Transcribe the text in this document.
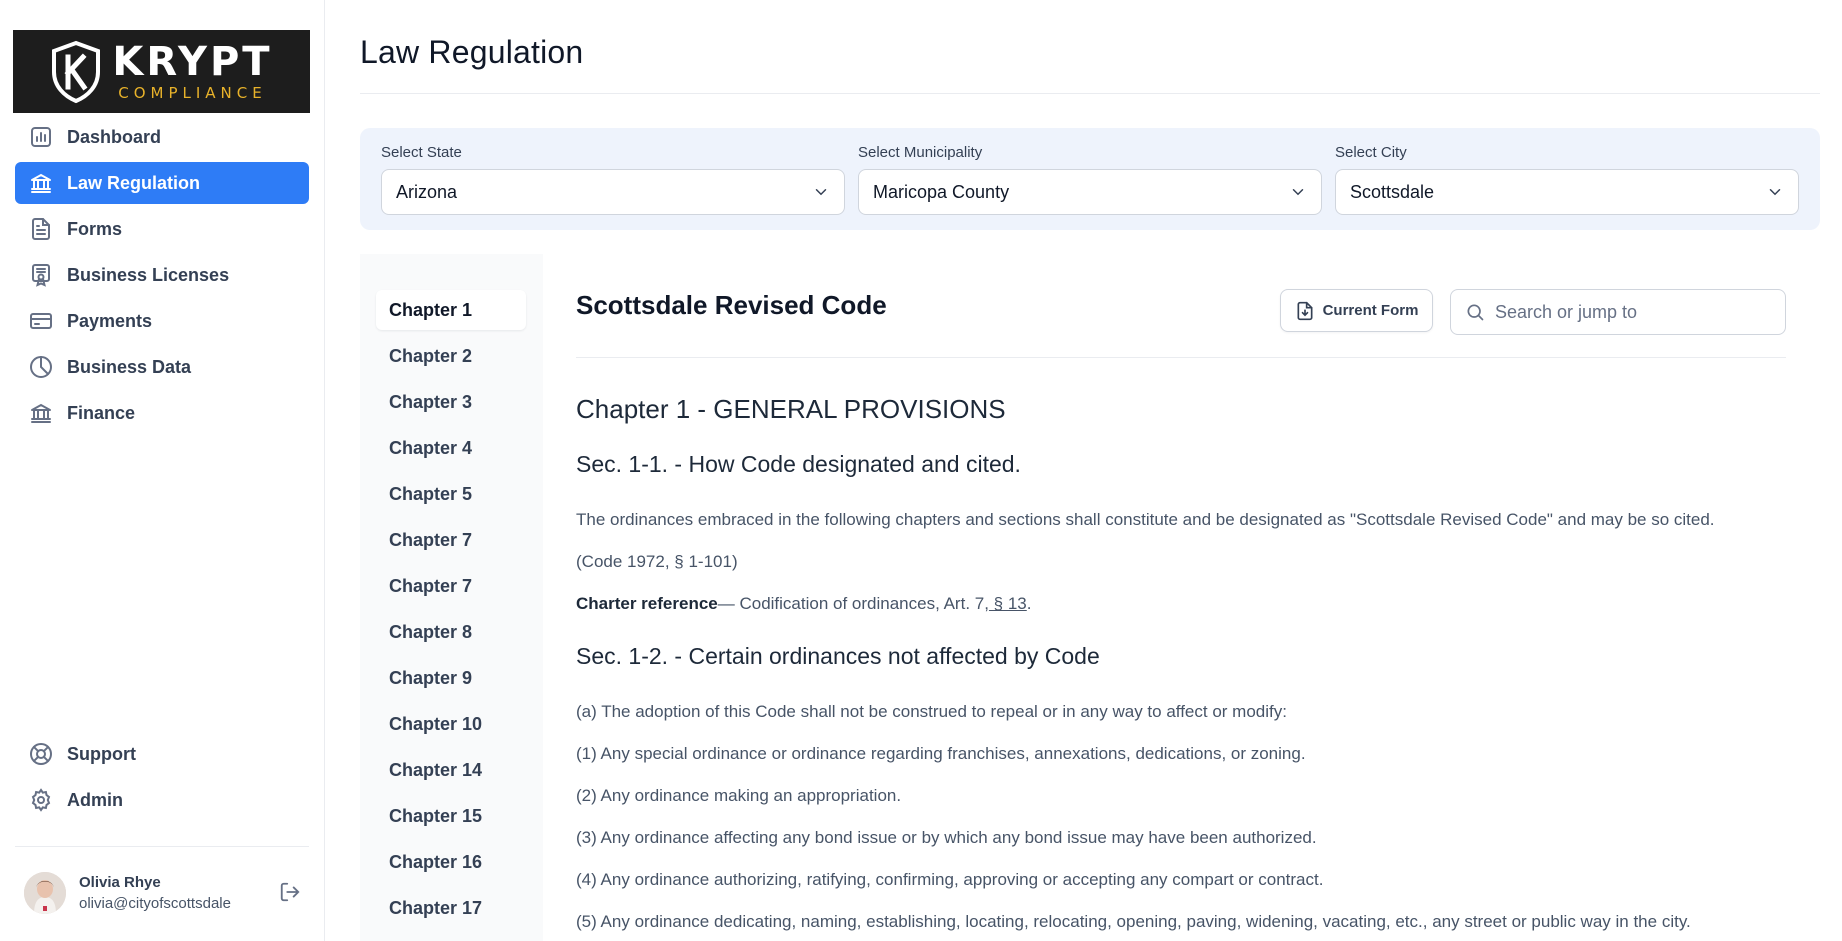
KRYPT
COMPLIANCE
Dashboard
Law Regulation
Forms
Business Licenses
Payments
Business Data
Finance
Support
Admin
Olivia Rhye
olivia@cityofscottsdale
Law Regulation
Select State
Arizona
Select Municipality
Maricopa County
Select City
Scottsdale
Chapter 1
Chapter 2
Chapter 3
Chapter 4
Chapter 5
Chapter 7
Chapter 7
Chapter 8
Chapter 9
Chapter 10
Chapter 14
Chapter 15
Chapter 16
Chapter 17
Scottsdale Revised Code	Current Form
Search or jump to
Chapter 1 - GENERAL PROVISIONS
Sec. 1-1. - How Code designated and cited.

The ordinances embraced in the following chapters and sections shall constitute and be designated as "Scottsdale Revised Code" and may be so cited.

(Code 1972, § 1-101)

Charter reference— Codification of ordinances, Art. 7, § 13.

Sec. 1-2. - Certain ordinances not affected by Code

(a) The adoption of this Code shall not be construed to repeal or in any way to affect or modify:

(1) Any special ordinance or ordinance regarding franchises, annexations, dedications, or zoning.

(2) Any ordinance making an appropriation.

(3) Any ordinance affecting any bond issue or by which any bond issue may have been authorized.

(4) Any ordinance authorizing, ratifying, confirming, approving or accepting any compart or contract.

(5) Any ordinance dedicating, naming, establishing, locating, relocating, opening, paving, widening, vacating, etc., any street or public way in the city.
